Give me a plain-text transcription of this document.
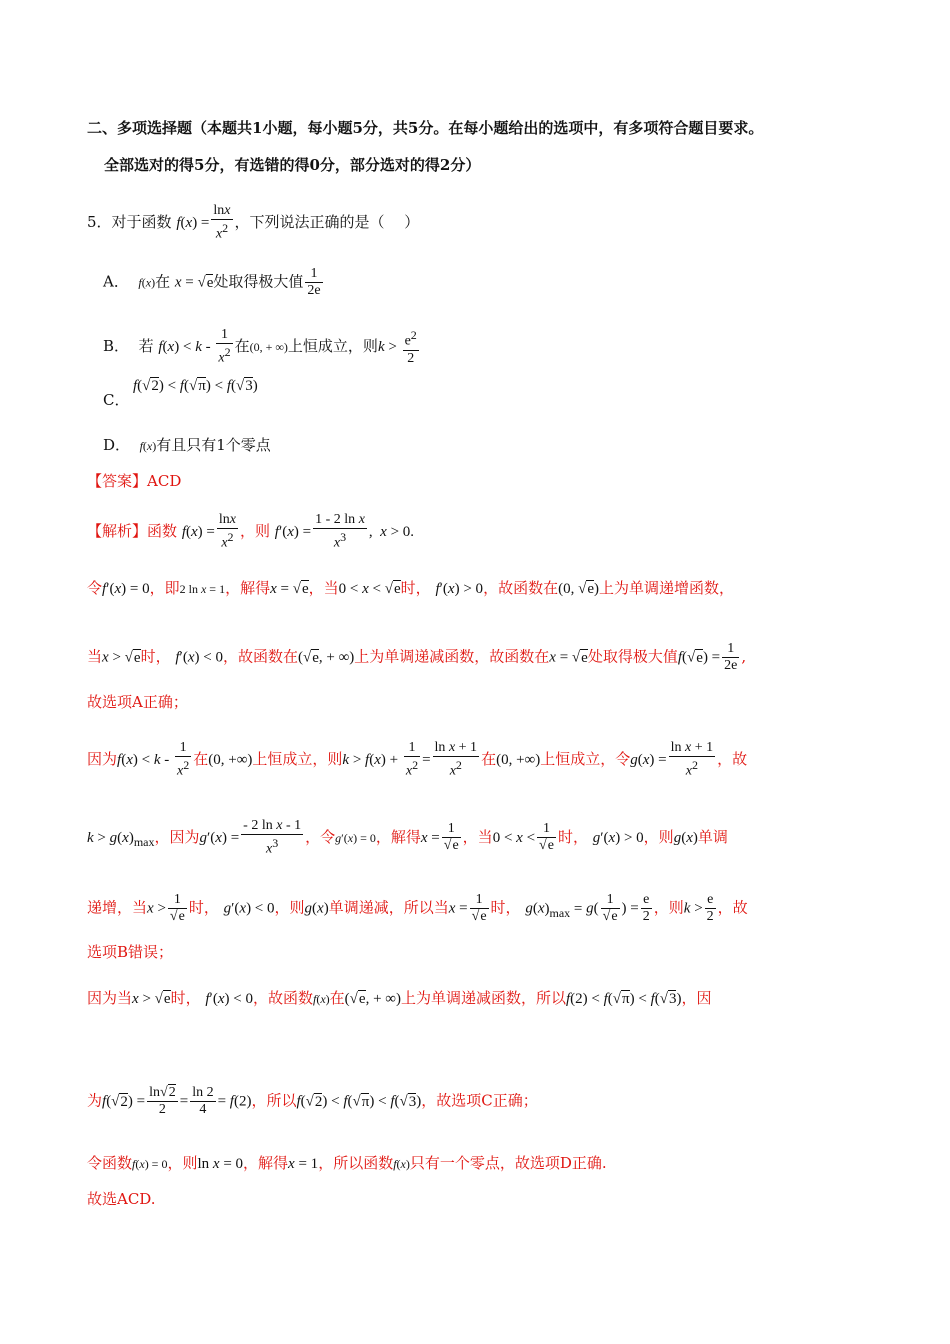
二、多项选择题（本题共1小题，每小题5分，共5分。在每小题给出的选项中，有多项符合题目要求。
全部选对的得5分，有选错的得0分，部分选对的得2分）
5．对于函数 $f(x) = \frac{\ln x}{x^2}$ ，下列说法正确的是（　 ）
A． f(x)在 x = √e处取得极大值 $\frac{1}{2e}$
B． 若 $f(x) < k - \frac{1}{x^2}$ 在(0, + ∞)上恒成立，则$k > \frac{e^2}{2}$
C．
f(√2) < f(√π) < f(√3)
D． f(x)有且只有1个零点
【答案】ACD
【解析】函数 $f(x) = \frac{\ln x}{x^2}$ ，则 $f'(x) = \frac{\text{1 - 2 ln x}}{x^3}$ ,  x > 0.
令f′(x) = 0，即2 ln x = 1，解得x = √e，当0 < x < √e时， f′(x) > 0，故函数在(0, √e)上为单调递增函数，
当x > √e时， f′(x) < 0，故函数在(√e, + ∞)上为单调递减函数，故函数在x = √e处取得极大值$f(√e) = \frac{1}{2e}$ ,
故选项A正确；
因为$f(x) < k - \frac{1}{x^2}$ 在(0, +∞)上恒成立，则$k > f(x) + \frac{1}{x^2} = \frac{\text{ln x + 1}}{x^2}$ 在(0, +∞)上恒成立，令$g(x) = \frac{\text{ln x + 1}}{x^2}$ ，故
$k > g(x)_{max}$，因为$g'(x) = \frac{\text{- 2 ln x - 1}}{x^3}$ ，令g′(x) = 0，解得$x = \frac{1}{√e}$ ，当$0 < x < \frac{1}{√e}$ 时， g′(x) > 0，则g(x)单调
递增，当$x > \frac{1}{√e}$ 时， g′(x) < 0，则g(x)单调递减，所以当$x = \frac{1}{√e}$ 时， $g(x)_{max} = g( \frac{1}{√e}$ ) = $\frac{e}{2}$ ，则$k > \frac{e}{2}$ ，故
选项B错误；
因为当x > √e时， f′(x) < 0，故函数f(x)在(√e, + ∞)上为单调递减函数，所以f(2) < f(√π) < f(√3)，因
为$f(√2) = \frac{\ln√2}{2} = \frac{\ln 2}{4} = f(2)$，所以f(√2) < f(√π) < f(√3)，故选项C正确；
令函数f(x) = 0，则ln x = 0，解得x = 1，所以函数f(x)只有一个零点，故选项D正确.
故选ACD.
